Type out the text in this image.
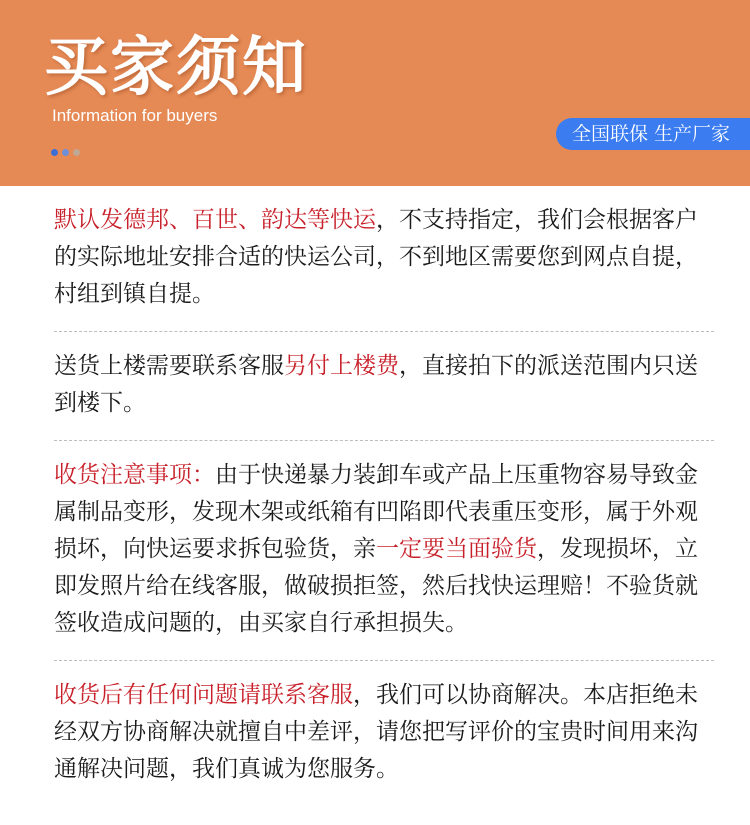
买家须知
Information for buyers
全国联保 生产厂家
默认发德邦、百世、韵达等快运，不支持指定，我们会根据客户的实际地址安排合适的快运公司，不到地区需要您到网点自提，村组到镇自提。
送货上楼需要联系客服另付上楼费，直接拍下的派送范围内只送到楼下。
收货注意事项：由于快递暴力装卸车或产品上压重物容易导致金属制品变形，发现木架或纸箱有凹陷即代表重压变形，属于外观损坏，向快运要求拆包验货，亲一定要当面验货，发现损坏，立即发照片给在线客服，做破损拒签，然后找快运理赔！不验货就签收造成问题的，由买家自行承担损失。
收货后有任何问题请联系客服，我们可以协商解决。本店拒绝未经双方协商解决就擅自中差评，请您把写评价的宝贵时间用来沟通解决问题，我们真诚为您服务。
